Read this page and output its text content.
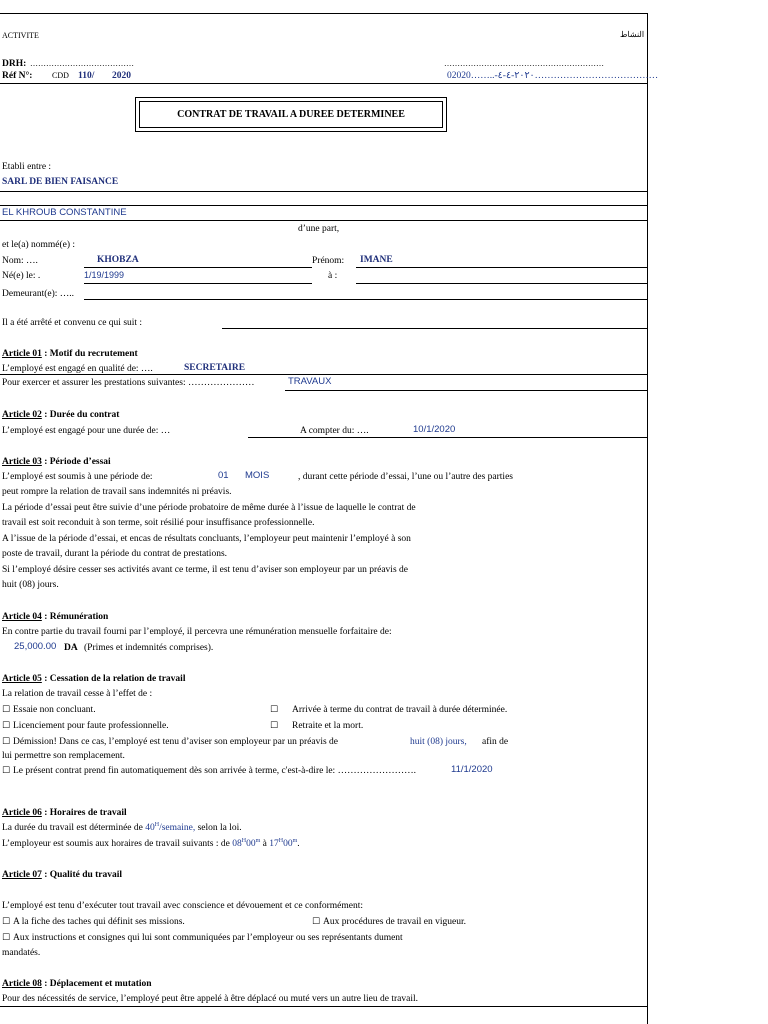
ACTIVITE	النشاط
DRH: …………………………………	……………………………………………………
Réf N°: CDD 110/ 2020	02020……..-٢٠٢٠-٤-٤…………………………………
CONTRAT DE TRAVAIL A DUREE DETERMINEE
Etabli entre :
SARL DE BIEN FAISANCE
EL KHROUB CONSTANTINE
d’une part,
et le(a) nommé(e) :
Nom: ….	KHOBZA	Prénom: IMANE
Né(e) le: .	1/19/1999	à :
Demeurant(e): …..
Il a été arrêté et convenu ce qui suit :
Article 01 : Motif du recrutement
L’employé est engagé en qualité de: ….	SECRETAIRE
Pour exercer et assurer les prestations suivantes: …………………	TRAVAUX
Article 02 : Durée du contrat
L’employé est engagé pour une durée de: …	A compter du: ….	10/1/2020
Article 03 : Période d’essai
L’employé est soumis à une période de:	01 MOIS	, durant cette période d’essai, l’une ou l’autre des parties
peut rompre la relation de travail sans indemnités ni préavis.
La période d’essai peut être suivie d’une période probatoire de même durée à l’issue de laquelle le contrat de
travail est soit reconduit à son terme, soit résilié pour insuffisance professionnelle.
A l’issue de la période d’essai, et encas de résultats concluants, l’employeur peut maintenir l’employé à son
poste de travail, durant la période du contrat de prestations.
Si l’employé désire cesser ses activités avant ce terme, il est tenu d’aviser son employeur par un préavis de
huit (08) jours.
Article 04 : Rémunération
En contre partie du travail fourni par l’employé, il percevra une rémunération mensuelle forfaitaire de:
25,000.00 DA (Primes et indemnités comprises).
Article 05 : Cessation de la relation de travail
La relation de travail cesse à l’effet de :
☐ Essaie non concluant.	☐ Arrivée à terme du contrat de travail à durée déterminée.
☐ Licenciement pour faute professionnelle.	☐ Retraite et la mort.
☐ Démission! Dans ce cas, l’employé est tenu d’aviser son employeur par un préavis de	huit (08) jours, afin de
lui permettre son remplacement.
☐ Le présent contrat prend fin automatiquement dès son arrivée à terme, c'est-à-dire le: …………………….	11/1/2020
Article 06 : Horaires de travail
La durée du travail est déterminée de $40^H$/semaine, selon la loi.
L’employeur est soumis aux horaires de travail suivants : de $08^H00^m$ à $17^H00^m$.
Article 07 : Qualité du travail
L’employé est tenu d’exécuter tout travail avec conscience et dévouement et ce conformément:
☐ A la fiche des taches qui définit ses missions.	☐ Aux procédures de travail en vigueur.
☐ Aux instructions et consignes qui lui sont communiquées par l’employeur ou ses représentants dument
mandatés.
Article 08 : Déplacement et mutation
Pour des nécessités de service, l’employé peut être appelé à être déplacé ou muté vers un autre lieu de travail.
